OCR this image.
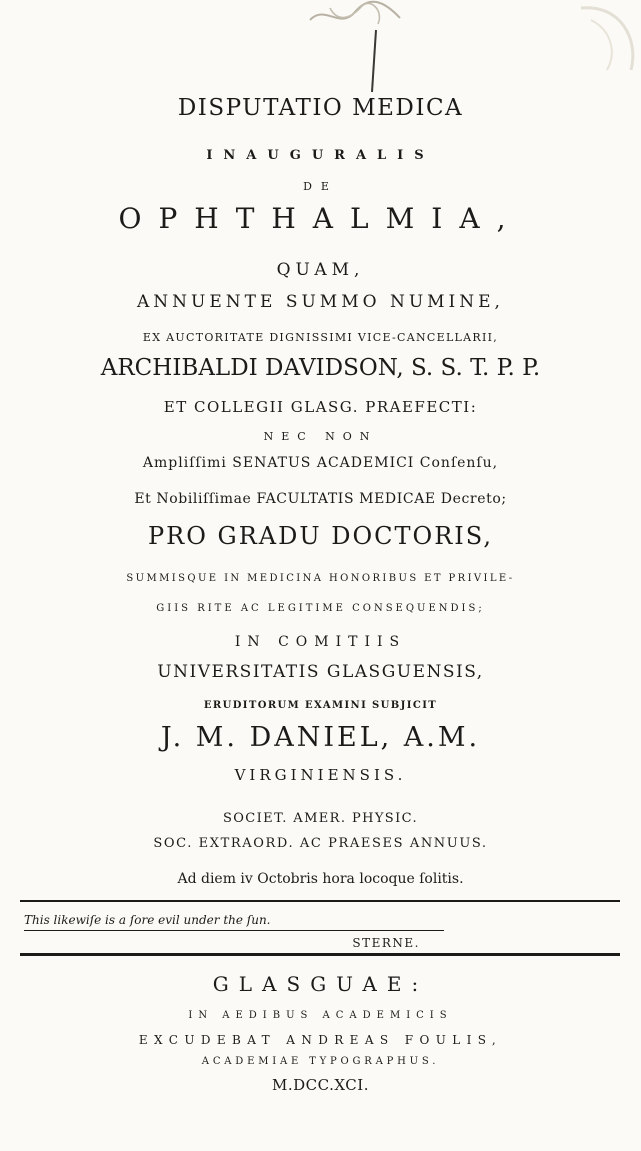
DISPUTATIO MEDICA
INAUGURALIS
DE
OPHTHALMIA,
QUAM,
ANNUENTE SUMMO NUMINE,
EX AUCTORITATE DIGNISSIMI VICE-CANCELLARII,
ARCHIBALDI DAVIDSON, S. S. T. P. P.
ET COLLEGII GLASG. PRAEFECTI:
NEC NON
Ampliſſimi SENATUS ACADEMICI Conſenſu,
Et Nobiliſſimae FACULTATIS MEDICAE Decreto;
PRO GRADU DOCTORIS,
SUMMISQUE IN MEDICINA HONORIBUS ET PRIVILE-
GIIS RITE AC LEGITIME CONSEQUENDIS;
IN COMITIIS
UNIVERSITATIS GLASGUENSIS,
ERUDITORUM EXAMINI SUBJICIT
J. M. DANIEL, A.M.
VIRGINIENSIS.
SOCIET. AMER. PHYSIC.
SOC. EXTRAORD. AC PRAESES ANNUUS.
Ad diem iv Octobris hora locoque ſolitis.
This likewiſe is a ſore evil under the ſun.
STERNE.
GLASGUAE:
IN AEDIBUS ACADEMICIS
EXCUDEBAT ANDREAS FOULIS,
ACADEMIAE TYPOGRAPHUS.
M.DCC.XCI.
